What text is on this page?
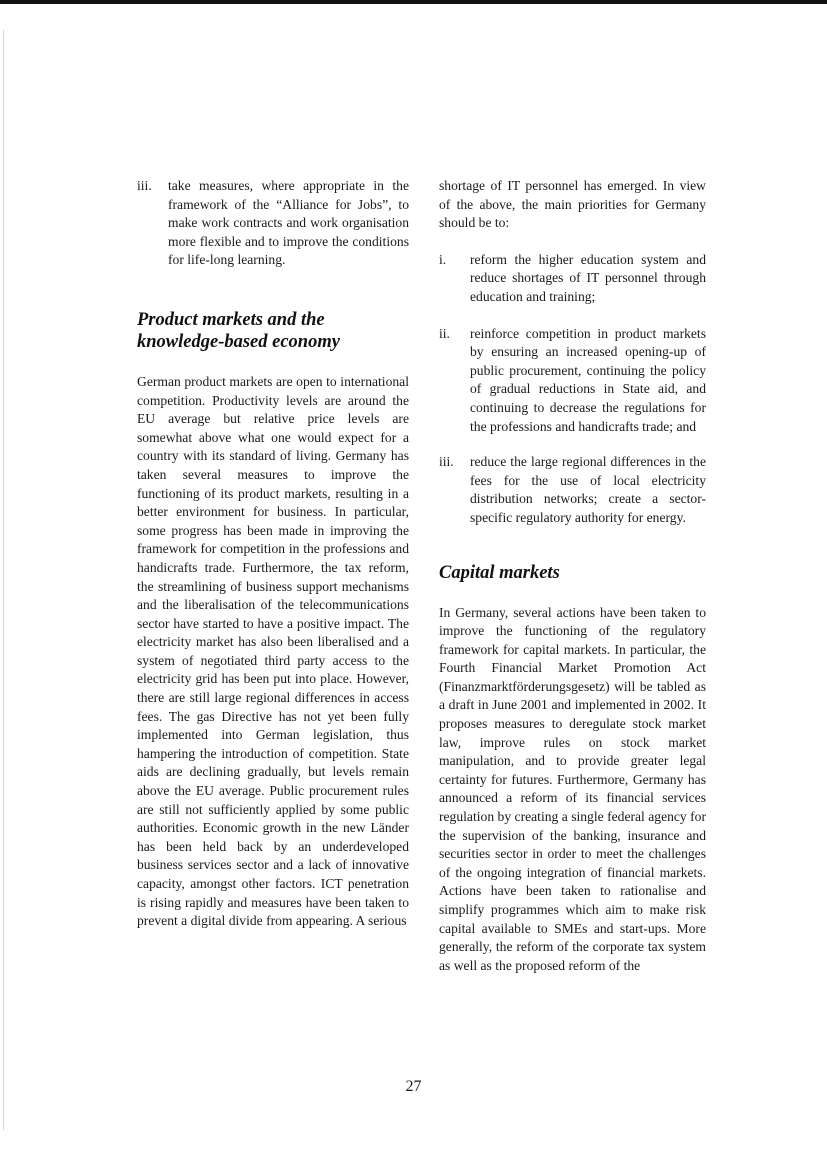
iii.	take measures, where appropriate in the framework of the “Alliance for Jobs”, to make work contracts and work organisation more flexible and to improve the conditions for life-long learning.
Product markets and the
knowledge-based economy

German product markets are open to international competition. Productivity levels are around the EU average but relative price levels are somewhat above what one would expect for a country with its standard of living. Germany has taken several measures to improve the functioning of its product markets, resulting in a better environment for business. In particular, some progress has been made in improving the framework for competition in the professions and handicrafts trade. Furthermore, the tax reform, the streamlining of business support mechanisms and the liberalisation of the telecommunications sector have started to have a positive impact. The electricity market has also been liberalised and a system of negotiated third party access to the electricity grid has been put into place. However, there are still large regional differences in access fees. The gas Directive has not yet been fully implemented into German legislation, thus hampering the introduction of competition. State aids are declining gradually, but levels remain above the EU average. Public procurement rules are still not sufficiently applied by some public authorities. Economic growth in the new Länder has been held back by an underdeveloped business services sector and a lack of innovative capacity, amongst other factors. ICT penetration is rising rapidly and measures have been taken to prevent a digital divide from appearing. A serious

shortage of IT personnel has emerged. In view of the above, the main priorities for Germany should be to:

i.	reform the higher education system and reduce shortages of IT personnel through education and training;
ii.	reinforce competition in product markets by ensuring an increased opening-up of public procurement, continuing the policy of gradual reductions in State aid, and continuing to decrease the regulations for the professions and handicrafts trade; and
iii.	reduce the large regional differences in the fees for the use of local electricity distribution networks; create a sector-specific regulatory authority for energy.
Capital markets

In Germany, several actions have been taken to improve the functioning of the regulatory framework for capital markets. In particular, the Fourth Financial Market Promotion Act (Finanzmarktförderungsgesetz) will be tabled as a draft in June 2001 and implemented in 2002. It proposes measures to deregulate stock market law, improve rules on stock market manipulation, and to provide greater legal certainty for futures. Furthermore, Germany has announced a reform of its financial services regulation by creating a single federal agency for the supervision of the banking, insurance and securities sector in order to meet the challenges of the ongoing integration of financial markets. Actions have been taken to rationalise and simplify programmes which aim to make risk capital available to SMEs and start-ups. More generally, the reform of the corporate tax system as well as the proposed reform of the

27
